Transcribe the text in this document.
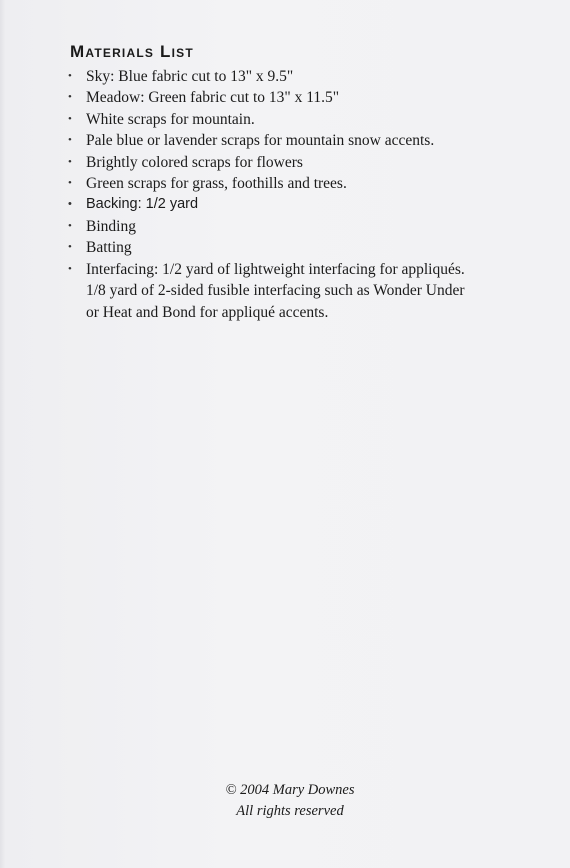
Materials List
• Sky: Blue fabric cut to 13" x 9.5"
• Meadow: Green fabric cut to 13" x 11.5"
• White scraps for mountain.
• Pale blue or lavender scraps for mountain snow accents.
• Brightly colored scraps for flowers
• Green scraps for grass, foothills and trees.
• Backing: 1/2 yard
• Binding
• Batting
• Interfacing: 1/2 yard of lightweight interfacing for appliqués. 1/8 yard of 2-sided fusible interfacing such as Wonder Under or Heat and Bond for appliqué accents.
© 2004 Mary Downes
All rights reserved
